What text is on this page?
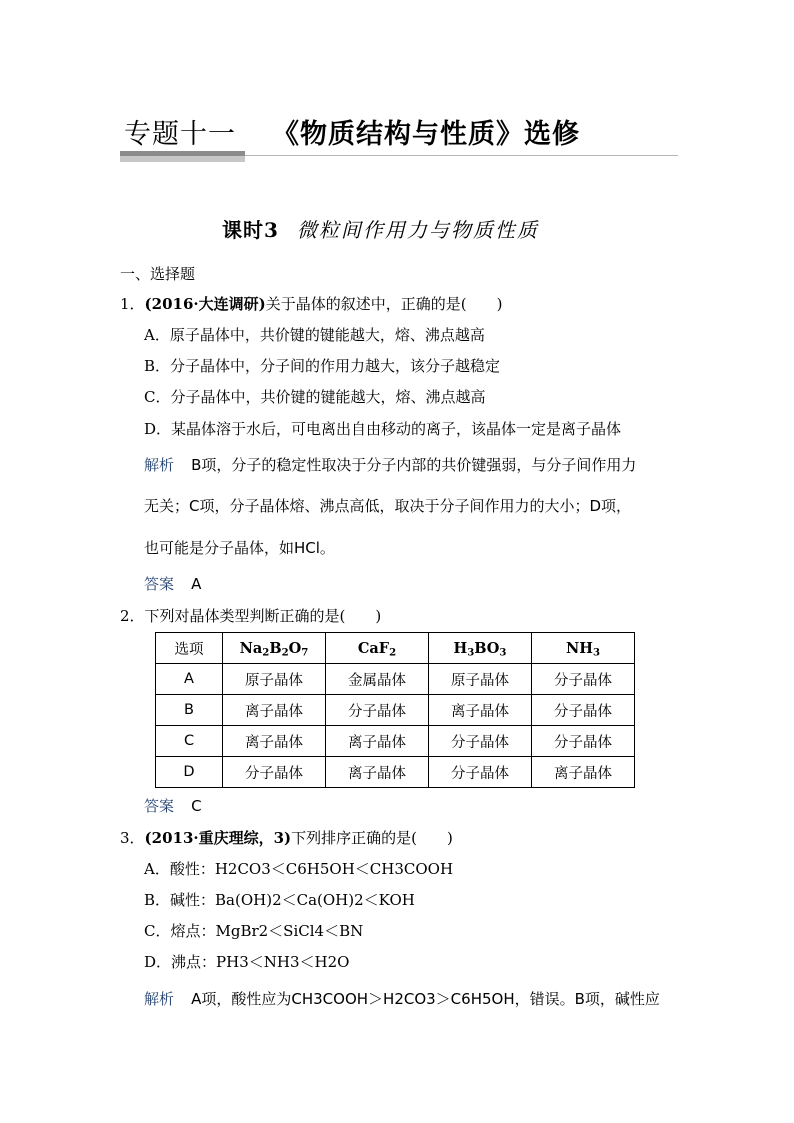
专题十一 《物质结构与性质》选修
课时3 微粒间作用力与物质性质
一、选择题
1．(2016·大连调研)关于晶体的叙述中，正确的是(　　)
A．原子晶体中，共价键的键能越大，熔、沸点越高
B．分子晶体中，分子间的作用力越大，该分子越稳定
C．分子晶体中，共价键的键能越大，熔、沸点越高
D．某晶体溶于水后，可电离出自由移动的离子，该晶体一定是离子晶体
解析 B项，分子的稳定性取决于分子内部的共价键强弱，与分子间作用力
无关；C项，分子晶体熔、沸点高低，取决于分子间作用力的大小；D项，
也可能是分子晶体，如HCl。
答案 A
2．下列对晶体类型判断正确的是(　　)
选项	$Na_2B_2O_7$	CaF$_2$	$H_3BO_3$	$NH_3$
A	原子晶体	金属晶体	原子晶体	分子晶体
B	离子晶体	分子晶体	离子晶体	分子晶体
C	离子晶体	离子晶体	分子晶体	分子晶体
D	分子晶体	离子晶体	分子晶体	离子晶体
答案 C
3．(2013·重庆理综，3)下列排序正确的是(　　)
A．酸性：H2CO3＜C6H5OH＜CH3COOH
B．碱性：Ba(OH)2＜Ca(OH)2＜KOH
C．熔点：MgBr2＜SiCl4＜BN
D．沸点：PH3＜NH3＜H2O
解析 A项，酸性应为CH3COOH＞H2CO3＞C6H5OH，错误。B项，碱性应
